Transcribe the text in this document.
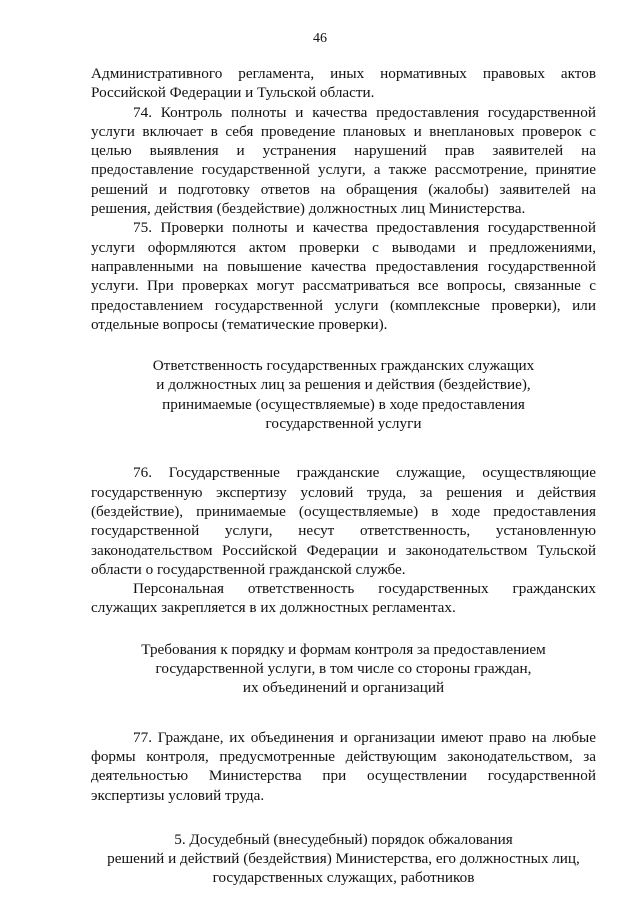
46

Административного регламента, иных нормативных правовых актов Российской Федерации и Тульской области.

74. Контроль полноты и качества предоставления государственной услуги включает в себя проведение плановых и внеплановых проверок с целью выявления и устранения нарушений прав заявителей на предоставление государственной услуги, а также рассмотрение, принятие решений и подготовку ответов на обращения (жалобы) заявителей на решения, действия (бездействие) должностных лиц Министерства.

75. Проверки полноты и качества предоставления государственной услуги оформляются актом проверки с выводами и предложениями, направленными на повышение качества предоставления государственной услуги. При проверках могут рассматриваться все вопросы, связанные с предоставлением государственной услуги (комплексные проверки), или отдельные вопросы (тематические проверки).

Ответственность государственных гражданских служащих
и должностных лиц за решения и действия (бездействие),
принимаемые (осуществляемые) в ходе предоставления
государственной услуги

76. Государственные гражданские служащие, осуществляющие государственную экспертизу условий труда, за решения и действия (бездействие), принимаемые (осуществляемые) в ходе предоставления государственной услуги, несут ответственность, установленную законодательством Российской Федерации и законодательством Тульской области о государственной гражданской службе.

Персональная ответственность государственных гражданских служащих закрепляется в их должностных регламентах.

Требования к порядку и формам контроля за предоставлением
государственной услуги, в том числе со стороны граждан,
их объединений и организаций

77. Граждане, их объединения и организации имеют право на любые формы контроля, предусмотренные действующим законодательством, за деятельностью Министерства при осуществлении государственной экспертизы условий труда.

5. Досудебный (внесудебный) порядок обжалования
решений и действий (бездействия) Министерства, его должностных лиц,
государственных служащих, работников
